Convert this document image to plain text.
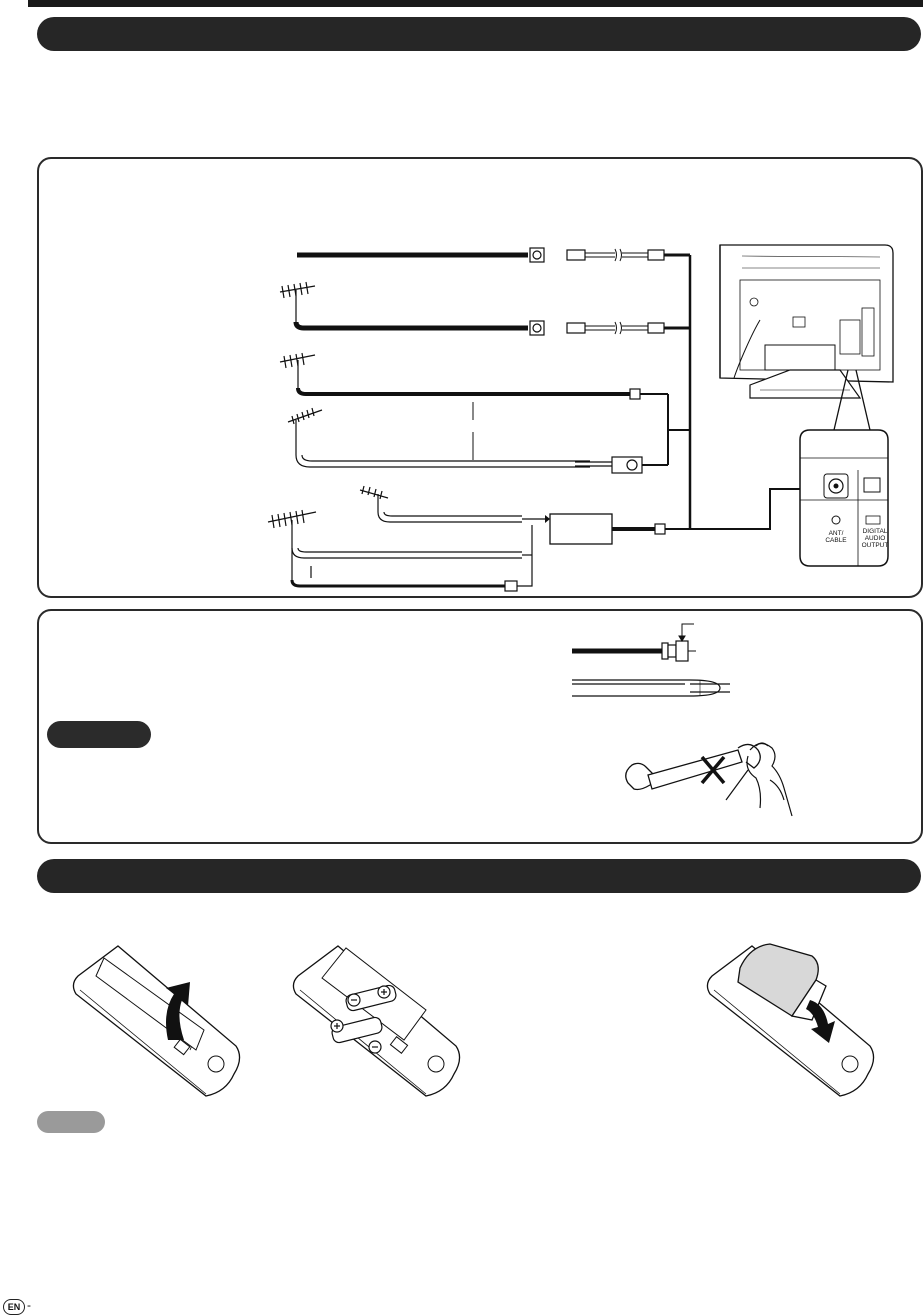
ANT/
CABLE
DIGITAL
AUDIO
OUTPUT
EN -
